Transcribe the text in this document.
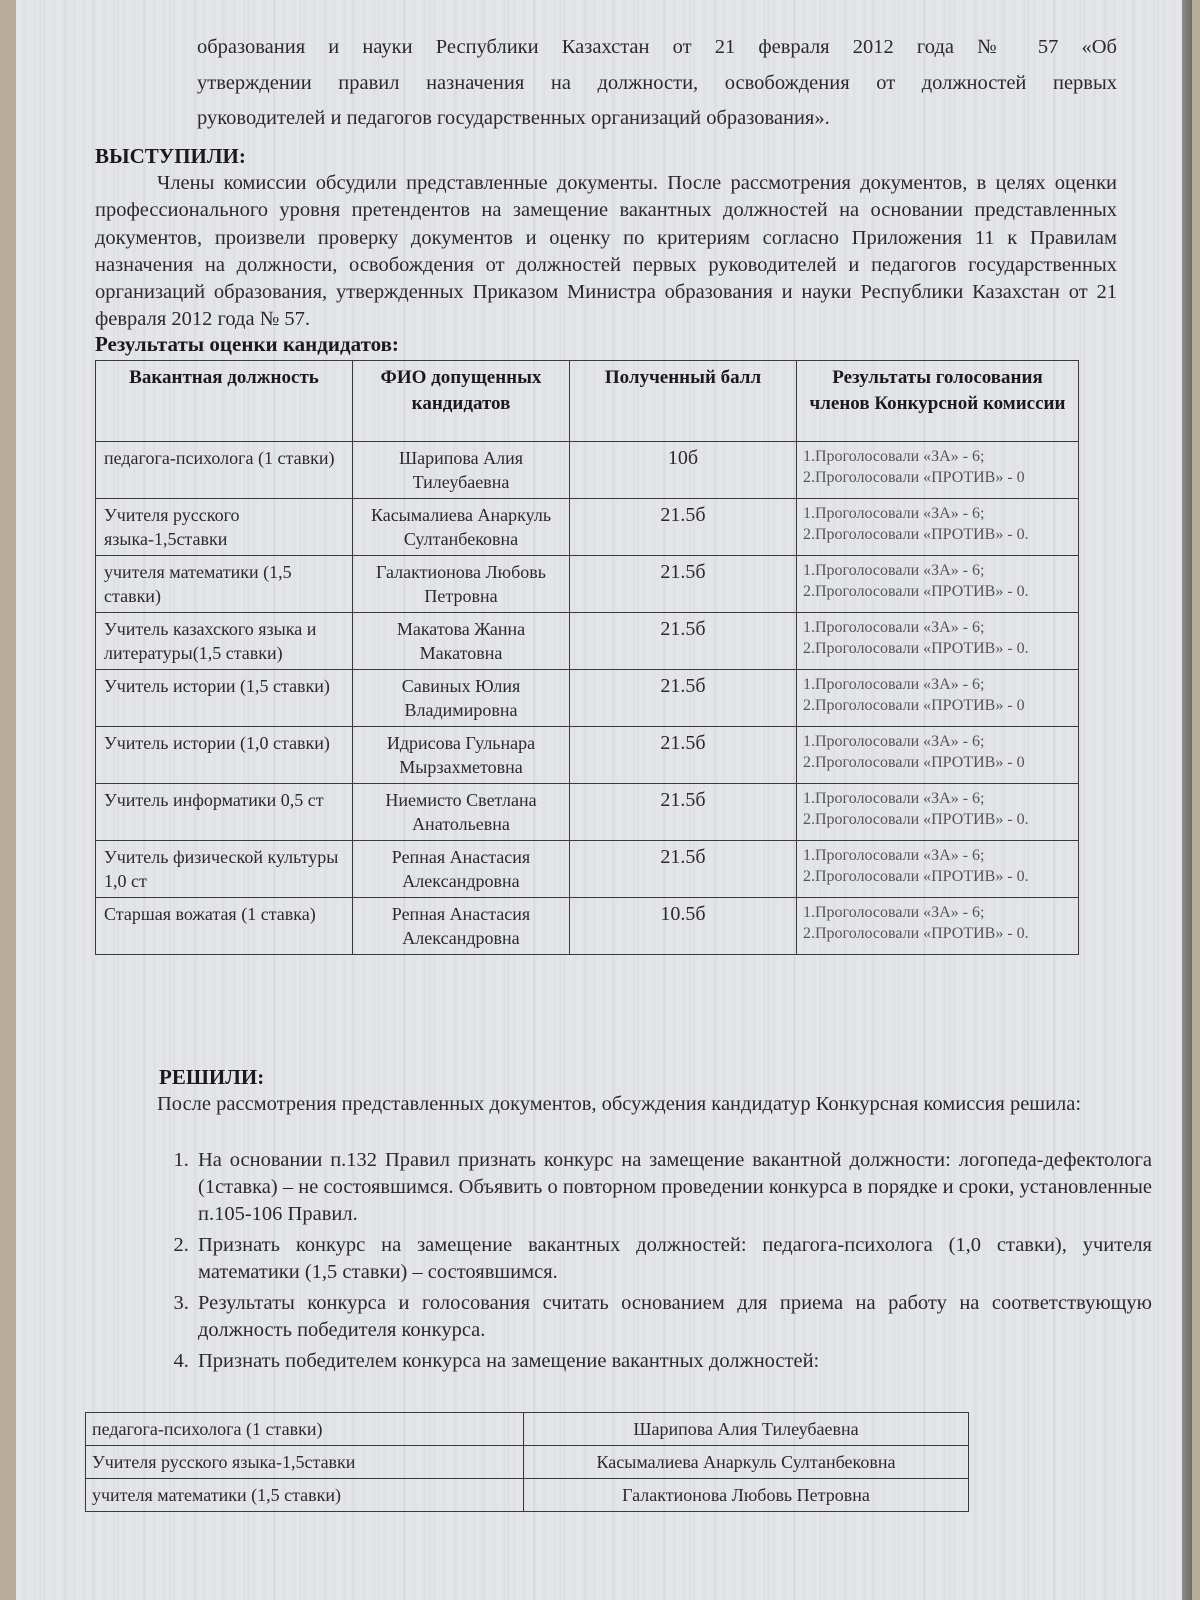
образования и науки Республики Казахстан от 21 февраля 2012 года № 57 «Об
утверждении правил назначения на должности, освобождения от должностей первых
руководителей и педагогов государственных организаций образования».
ВЫСТУПИЛИ:
Члены комиссии обсудили представленные документы. После рассмотрения документов, в целях оценки профессионального уровня претендентов на замещение вакантных должностей на основании представленных документов, произвели проверку документов и оценку по критериям согласно Приложения 11 к Правилам назначения на должности, освобождения от должностей первых руководителей и педагогов государственных организаций образования, утвержденных Приказом Министра образования и науки Республики Казахстан от 21 февраля 2012 года № 57.
Результаты оценки кандидатов:
Вакантная должность	ФИО допущенных кандидатов	Полученный балл	Результаты голосования членов Конкурсной комиссии
педагога-психолога (1 ставки)	Шарипова Алия Тилеубаевна	10б	1.Проголосовали «ЗА» - 6;
2.Проголосовали «ПРОТИВ» - 0

Учителя русского языка-1,5ставки	Касымалиева Анаркуль Султанбековна	21.5б	1.Проголосовали «ЗА» - 6;
2.Проголосовали «ПРОТИВ» - 0.

учителя математики (1,5 ставки)	Галактионова Любовь Петровна	21.5б	1.Проголосовали «ЗА» - 6;
2.Проголосовали «ПРОТИВ» - 0.

Учитель казахского языка и литературы(1,5 ставки)	Макатова Жанна Макатовна	21.5б	1.Проголосовали «ЗА» - 6;
2.Проголосовали «ПРОТИВ» - 0.

Учитель истории (1,5 ставки)	Савиных Юлия Владимировна	21.5б	1.Проголосовали «ЗА» - 6;
2.Проголосовали «ПРОТИВ» - 0

Учитель истории (1,0 ставки)	Идрисова Гульнара Мырзахметовна	21.5б	1.Проголосовали «ЗА» - 6;
2.Проголосовали «ПРОТИВ» - 0

Учитель информатики 0,5 ст	Ниемисто Светлана Анатольевна	21.5б	1.Проголосовали «ЗА» - 6;
2.Проголосовали «ПРОТИВ» - 0.

Учитель физической культуры 1,0 ст	Репная Анастасия Александровна	21.5б	1.Проголосовали «ЗА» - 6;
2.Проголосовали «ПРОТИВ» - 0.

Старшая вожатая (1 ставка)	Репная Анастасия Александровна	10.5б	1.Проголосовали «ЗА» - 6;
2.Проголосовали «ПРОТИВ» - 0.
РЕШИЛИ:
После рассмотрения представленных документов, обсуждения кандидатур Конкурсная комиссия решила:
1. На основании п.132 Правил признать конкурс на замещение вакантной должности: логопеда-дефектолога (1ставка) – не состоявшимся. Объявить о повторном проведении конкурса в порядке и сроки, установленные п.105-106 Правил.
2. Признать конкурс на замещение вакантных должностей: педагога-психолога (1,0 ставки), учителя математики (1,5 ставки) – состоявшимся.
3. Результаты конкурса и голосования считать основанием для приема на работу на соответствующую должность победителя конкурса.
4. Признать победителем конкурса на замещение вакантных должностей:
педагога-психолога (1 ставки)	Шарипова Алия Тилеубаевна
Учителя русского языка-1,5ставки	Касымалиева Анаркуль Султанбековна
учителя математики (1,5 ставки)	Галактионова Любовь Петровна
